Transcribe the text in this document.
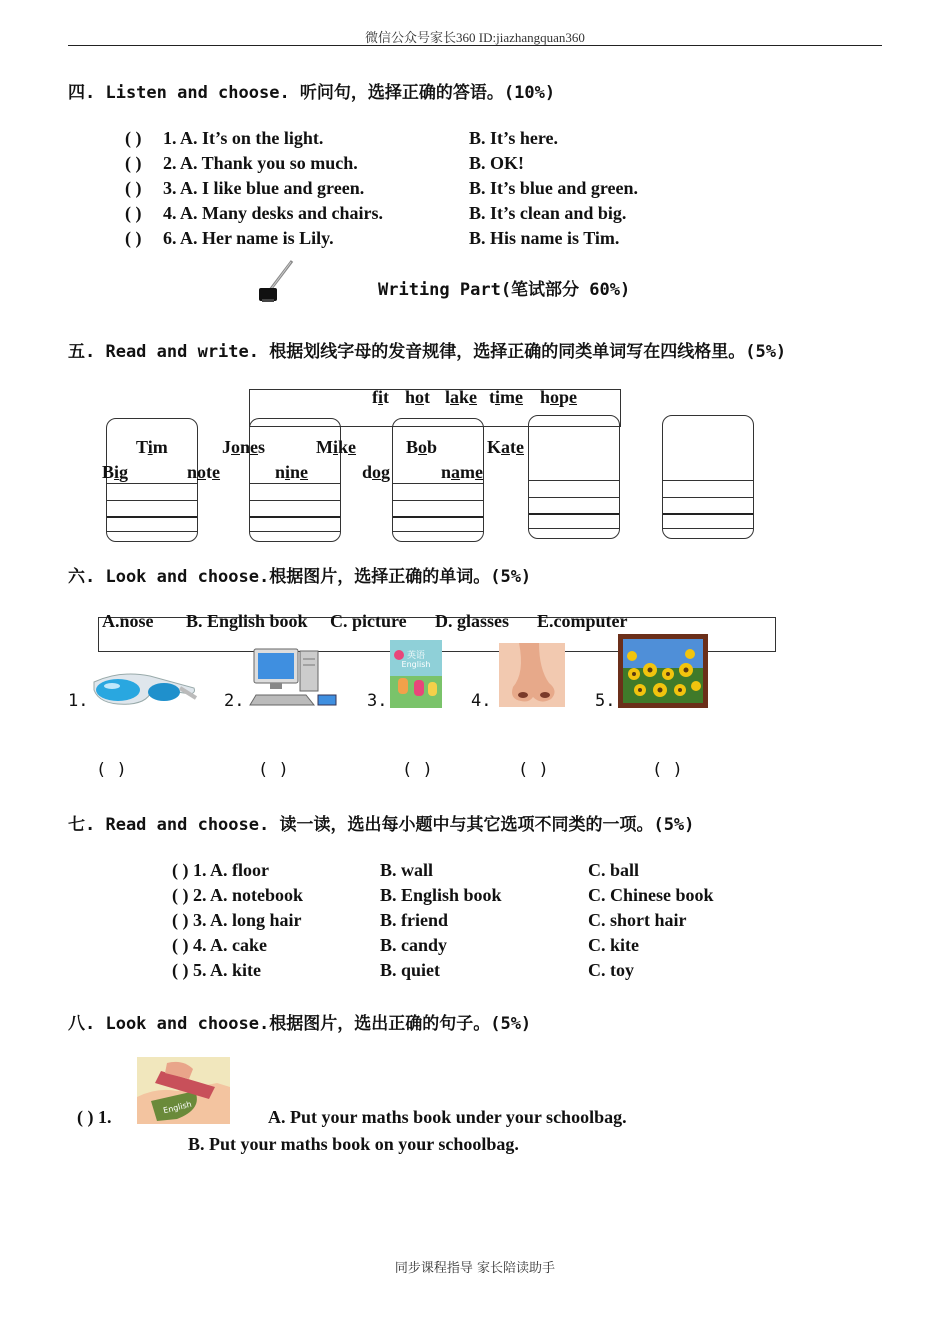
微信公众号家长360 ID:jiazhangquan360
四. Listen and choose. 听问句，选择正确的答语。(10%)
( ) 1. A. It’s on the light.	B. It’s here.
( ) 2. A. Thank you so much.	B. OK!
( ) 3. A. I like blue and green.	B. It’s blue and green.
( ) 4. A. Many desks and chairs.	B. It’s clean and big.
( ) 6. A. Her name is Lily.	B. His name is Tim.
Writing Part(笔试部分 60%)
五. Read and write. 根据划线字母的发音规律，选择正确的同类单词写在四线格里。(5%)
fit hot lake time hope
Tim	Jones	Mike	Bob	Kate
Big	note	nine	dog	name
六. Look and choose.根据图片，选择正确的单词。(5%)
A.nose B. English book C. picture D. glasses E.computer
1.	2.	3.	4.	5.
英语
English
( )	( )	( )	( )	( )
七. Read and choose. 读一读，选出每小题中与其它选项不同类的一项。(5%)
( ) 1. A. floor	B. wall	C. ball
( ) 2. A. notebook	B. English book	C. Chinese book
( ) 3. A. long hair	B. friend	C. short hair
( ) 4. A. cake	B. candy	C. kite
( ) 5. A. kite	B. quiet	C. toy
八. Look and choose.根据图片，选出正确的句子。(5%)
English
( ) 1.	A. Put your maths book under your schoolbag.
B. Put your maths book on your schoolbag.
同步课程指导 家长陪读助手
